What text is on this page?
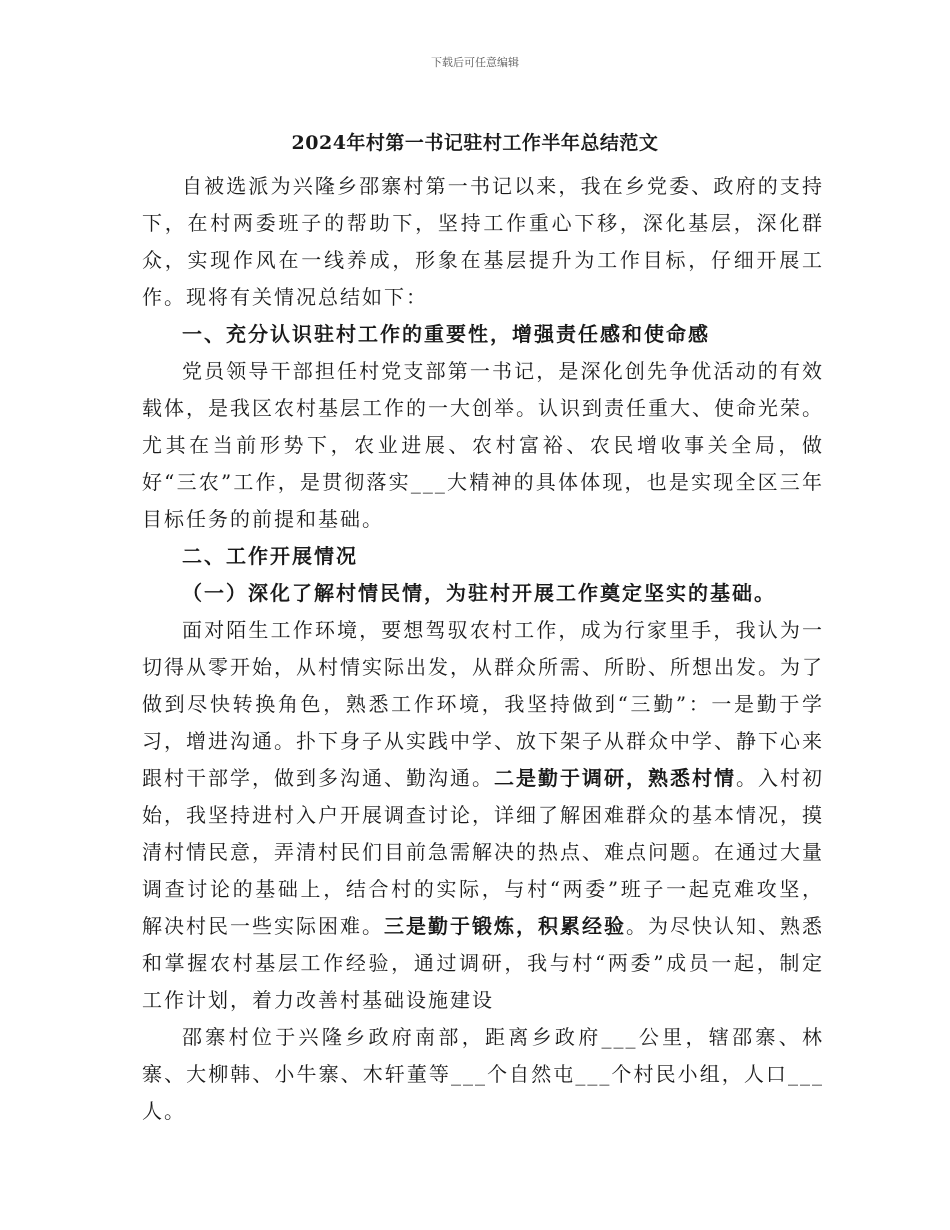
下载后可任意编辑
2024年村第一书记驻村工作半年总结范文

自被选派为兴隆乡邵寨村第一书记以来，我在乡党委、政府的支持下，在村两委班子的帮助下，坚持工作重心下移，深化基层，深化群众，实现作风在一线养成，形象在基层提升为工作目标，仔细开展工作。现将有关情况总结如下：

一、充分认识驻村工作的重要性，增强责任感和使命感

党员领导干部担任村党支部第一书记，是深化创先争优活动的有效载体，是我区农村基层工作的一大创举。认识到责任重大、使命光荣。尤其在当前形势下，农业进展、农村富裕、农民增收事关全局，做好“三农”工作，是贯彻落实___大精神的具体体现，也是实现全区三年目标任务的前提和基础。

二、工作开展情况

（一）深化了解村情民情，为驻村开展工作奠定坚实的基础。

面对陌生工作环境，要想驾驭农村工作，成为行家里手，我认为一切得从零开始，从村情实际出发，从群众所需、所盼、所想出发。为了做到尽快转换角色，熟悉工作环境，我坚持做到“三勤”：一是勤于学习，增进沟通。扑下身子从实践中学、放下架子从群众中学、静下心来跟村干部学，做到多沟通、勤沟通。二是勤于调研，熟悉村情。入村初始，我坚持进村入户开展调查讨论，详细了解困难群众的基本情况，摸清村情民意，弄清村民们目前急需解决的热点、难点问题。在通过大量调查讨论的基础上，结合村的实际，与村“两委”班子一起克难攻坚，解决村民一些实际困难。三是勤于锻炼，积累经验。为尽快认知、熟悉和掌握农村基层工作经验，通过调研，我与村“两委”成员一起，制定工作计划，着力改善村基础设施建设

邵寨村位于兴隆乡政府南部，距离乡政府___公里，辖邵寨、林寨、大柳韩、小牛寨、木轩董等___个自然屯___个村民小组，人口___人。
